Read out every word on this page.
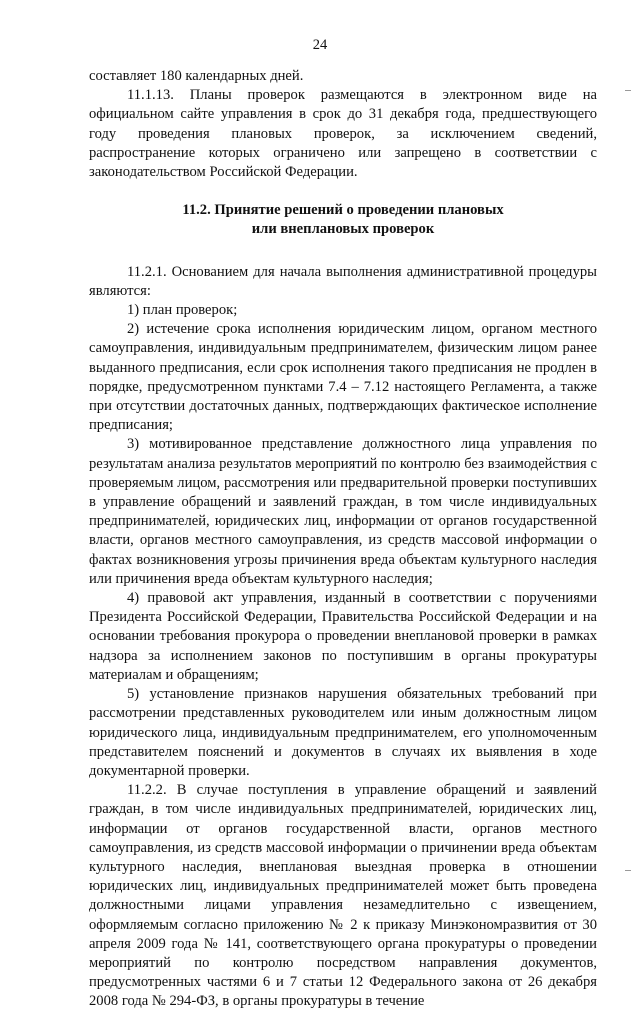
24

составляет 180 календарных дней.

11.1.13. Планы проверок размещаются в электронном виде на официальном сайте управления в срок до 31 декабря года, предшествующего году проведения плановых проверок, за исключением сведений, распространение которых ограничено или запрещено в соответствии с законодательством Российской Федерации.

11.2. Принятие решений о проведении плановых
или внеплановых проверок

11.2.1. Основанием для начала выполнения административной процедуры являются:

1) план проверок;

2) истечение срока исполнения юридическим лицом, органом местного самоуправления, индивидуальным предпринимателем, физическим лицом ранее выданного предписания, если срок исполнения такого предписания не продлен в порядке, предусмотренном пунктами 7.4 – 7.12 настоящего Регламента, а также при отсутствии достаточных данных, подтверждающих фактическое исполнение предписания;

3) мотивированное представление должностного лица управления по результатам анализа результатов мероприятий по контролю без взаимодействия с проверяемым лицом, рассмотрения или предварительной проверки поступивших в управление обращений и заявлений граждан, в том числе индивидуальных предпринимателей, юридических лиц, информации от органов государственной власти, органов местного самоуправления, из средств массовой информации о фактах возникновения угрозы причинения вреда объектам культурного наследия или причинения вреда объектам культурного наследия;

4) правовой акт управления, изданный в соответствии с поручениями Президента Российской Федерации, Правительства Российской Федерации и на основании требования прокурора о проведении внеплановой проверки в рамках надзора за исполнением законов по поступившим в органы прокуратуры материалам и обращениям;

5) установление признаков нарушения обязательных требований при рассмотрении представленных руководителем или иным должностным лицом юридического лица, индивидуальным предпринимателем, его уполномоченным представителем пояснений и документов в случаях их выявления в ходе документарной проверки.

11.2.2. В случае поступления в управление обращений и заявлений граждан, в том числе индивидуальных предпринимателей, юридических лиц, информации от органов государственной власти, органов местного самоуправления, из средств массовой информации о причинении вреда объектам культурного наследия, внеплановая выездная проверка в отношении юридических лиц, индивидуальных предпринимателей может быть проведена должностными лицами управления незамедлительно с извещением, оформляемым согласно приложению № 2 к приказу Минэкономразвития от 30 апреля 2009 года № 141, соответствующего органа прокуратуры о проведении мероприятий по контролю посредством направления документов, предусмотренных частями 6 и 7 статьи 12 Федерального закона от 26 декабря 2008 года № 294-ФЗ, в органы прокуратуры в течение
